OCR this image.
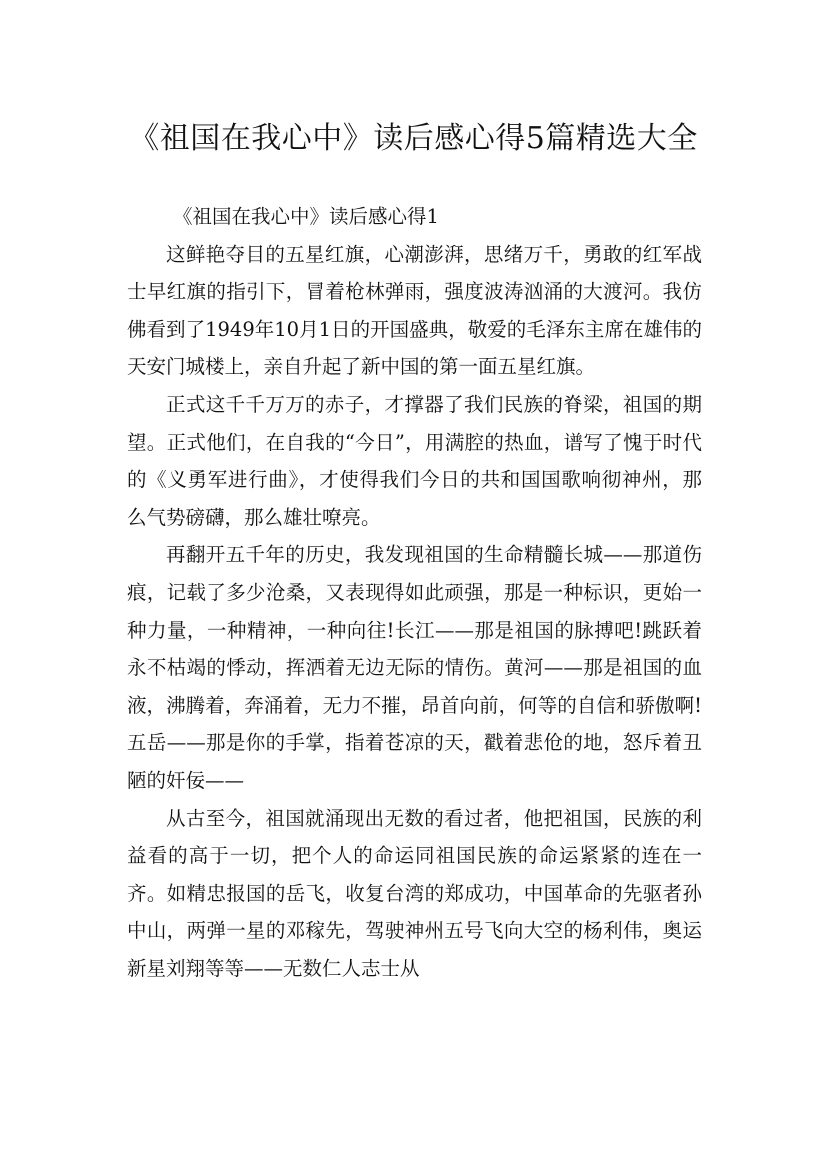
《祖国在我心中》读后感心得5篇精选大全

《祖国在我心中》读后感心得1

这鲜艳夺目的五星红旗，心潮澎湃，思绪万千，勇敢的红军战士早红旗的指引下，冒着枪林弹雨，强度波涛汹涌的大渡河。我仿佛看到了1949年10月1日的开国盛典，敬爱的毛泽东主席在雄伟的天安门城楼上，亲自升起了新中国的第一面五星红旗。

正式这千千万万的赤子，才撑器了我们民族的脊梁，祖国的期望。正式他们，在自我的“今日”，用满腔的热血，谱写了愧于时代的《义勇军进行曲》，才使得我们今日的共和国国歌响彻神州，那么气势磅礴，那么雄壮嘹亮。

再翻开五千年的历史，我发现祖国的生命精髓长城——那道伤痕，记载了多少沧桑，又表现得如此顽强，那是一种标识，更始一种力量，一种精神，一种向往!长江——那是祖国的脉搏吧!跳跃着永不枯竭的悸动，挥洒着无边无际的情伤。黄河——那是祖国的血液，沸腾着，奔涌着，无力不摧，昂首向前，何等的自信和骄傲啊!五岳——那是你的手掌，指着苍凉的天，戳着悲伧的地，怒斥着丑陋的奸佞——

从古至今，祖国就涌现出无数的看过者，他把祖国，民族的利益看的高于一切，把个人的命运同祖国民族的命运紧紧的连在一齐。如精忠报国的岳飞，收复台湾的郑成功，中国革命的先驱者孙中山，两弹一星的邓稼先，驾驶神州五号飞向大空的杨利伟，奥运新星刘翔等等——无数仁人志士从
